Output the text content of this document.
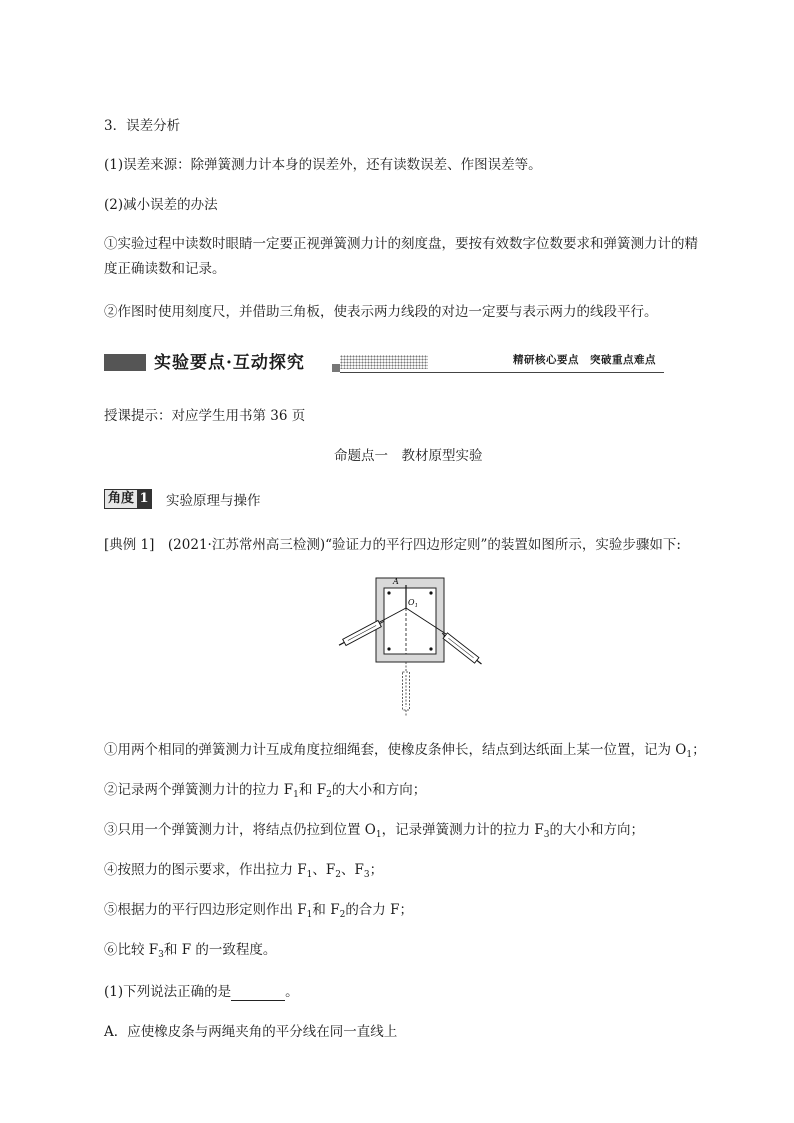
3．误差分析
(1)误差来源：除弹簧测力计本身的误差外，还有读数误差、作图误差等。
(2)减小误差的办法
①实验过程中读数时眼睛一定要正视弹簧测力计的刻度盘，要按有效数字位数要求和弹簧测力计的精度正确读数和记录。
②作图时使用刻度尺，并借助三角板，使表示两力线段的对边一定要与表示两力的线段平行。
实验要点·互动探究	精研核心要点　突破重点难点
授课提示：对应学生用书第 36 页
命题点一　教材原型实验
角度 1 实验原理与操作
[典例 1]　(2021·江苏常州高三检测)“验证力的平行四边形定则”的装置如图所示，实验步骤如下:
A
$O_1$
①用两个相同的弹簧测力计互成角度拉细绳套，使橡皮条伸长，结点到达纸面上某一位置，记为 $O_1$；
②记录两个弹簧测力计的拉力 $F_1$和 $F_2$的大小和方向；
③只用一个弹簧测力计，将结点仍拉到位置 $O_1$，记录弹簧测力计的拉力 $F_3$的大小和方向；
④按照力的图示要求，作出拉力 $F_1$、$F_2$、$F_3$；
⑤根据力的平行四边形定则作出 $F_1$和 $F_2$的合力 F；
⑥比较 $F_3$和 F 的一致程度。
(1)下列说法正确的是	。
A．应使橡皮条与两绳夹角的平分线在同一直线上
